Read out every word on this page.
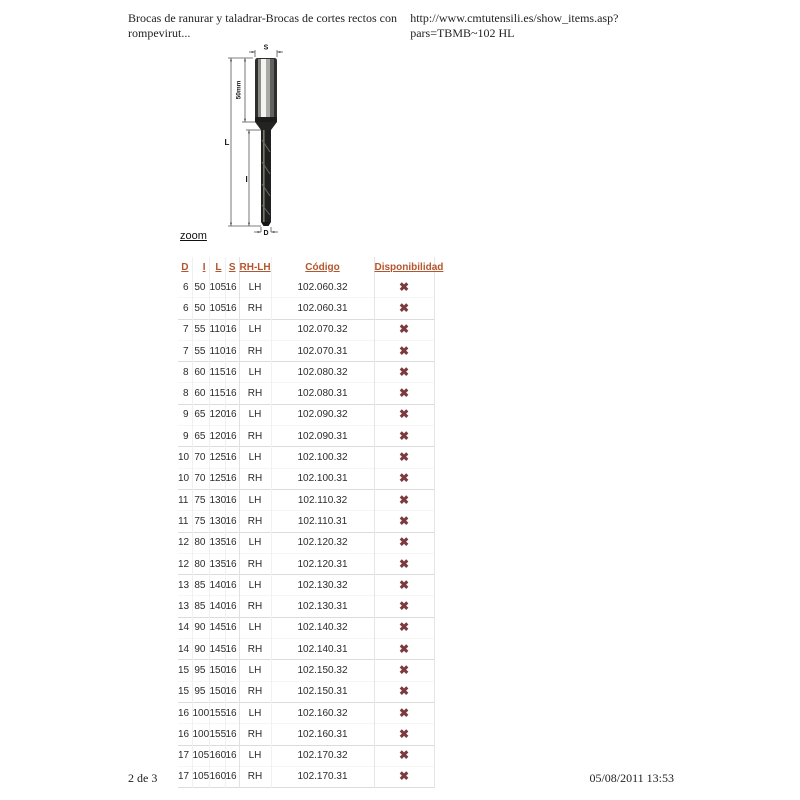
Brocas de ranurar y taladrar-Brocas de cortes rectos con rompevirut...
http://www.cmtutensili.es/show_items.asp?pars=TBMB~102 HL
S
L
50mm
I
D
zoom
D	I	L	S	RH-LH	Código	Disponibilidad
6	50	105	16	LH	102.060.32	✖
6	50	105	16	RH	102.060.31	✖
7	55	110	16	LH	102.070.32	✖
7	55	110	16	RH	102.070.31	✖
8	60	115	16	LH	102.080.32	✖
8	60	115	16	RH	102.080.31	✖
9	65	120	16	LH	102.090.32	✖
9	65	120	16	RH	102.090.31	✖
10	70	125	16	LH	102.100.32	✖
10	70	125	16	RH	102.100.31	✖
11	75	130	16	LH	102.110.32	✖
11	75	130	16	RH	102.110.31	✖
12	80	135	16	LH	102.120.32	✖
12	80	135	16	RH	102.120.31	✖
13	85	140	16	LH	102.130.32	✖
13	85	140	16	RH	102.130.31	✖
14	90	145	16	LH	102.140.32	✖
14	90	145	16	RH	102.140.31	✖
15	95	150	16	LH	102.150.32	✖
15	95	150	16	RH	102.150.31	✖
16	100	155	16	LH	102.160.32	✖
16	100	155	16	RH	102.160.31	✖
17	105	160	16	LH	102.170.32	✖
17	105	160	16	RH	102.170.31	✖
2 de 3	05/08/2011 13:53
